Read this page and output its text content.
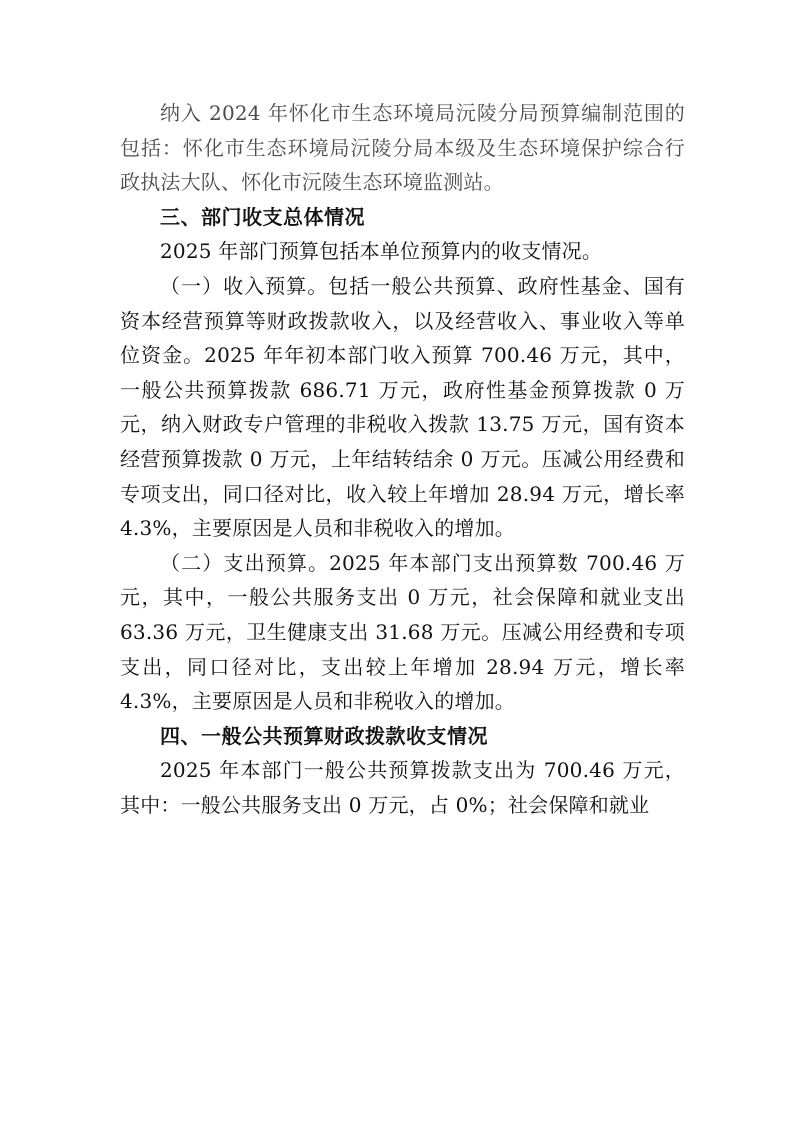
纳入 2024 年怀化市生态环境局沅陵分局预算编制范围的包括：怀化市生态环境局沅陵分局本级及生态环境保护综合行政执法大队、怀化市沅陵生态环境监测站。

三、部门收支总体情况

2025 年部门预算包括本单位预算内的收支情况。

（一）收入预算。包括一般公共预算、政府性基金、国有资本经营预算等财政拨款收入，以及经营收入、事业收入等单位资金。2025 年年初本部门收入预算 700.46 万元，其中，一般公共预算拨款 686.71 万元，政府性基金预算拨款 0 万元，纳入财政专户管理的非税收入拨款 13.75 万元，国有资本经营预算拨款 0 万元，上年结转结余 0 万元。压减公用经费和专项支出，同口径对比，收入较上年增加 28.94 万元，增长率 4.3%，主要原因是人员和非税收入的增加。

（二）支出预算。2025 年本部门支出预算数 700.46 万元，其中，一般公共服务支出 0 万元，社会保障和就业支出 63.36 万元，卫生健康支出 31.68 万元。压减公用经费和专项支出，同口径对比，支出较上年增加 28.94 万元，增长率 4.3%，主要原因是人员和非税收入的增加。

四、一般公共预算财政拨款收支情况

2025 年本部门一般公共预算拨款支出为 700.46 万元，其中：一般公共服务支出 0 万元，占 0%；社会保障和就业
